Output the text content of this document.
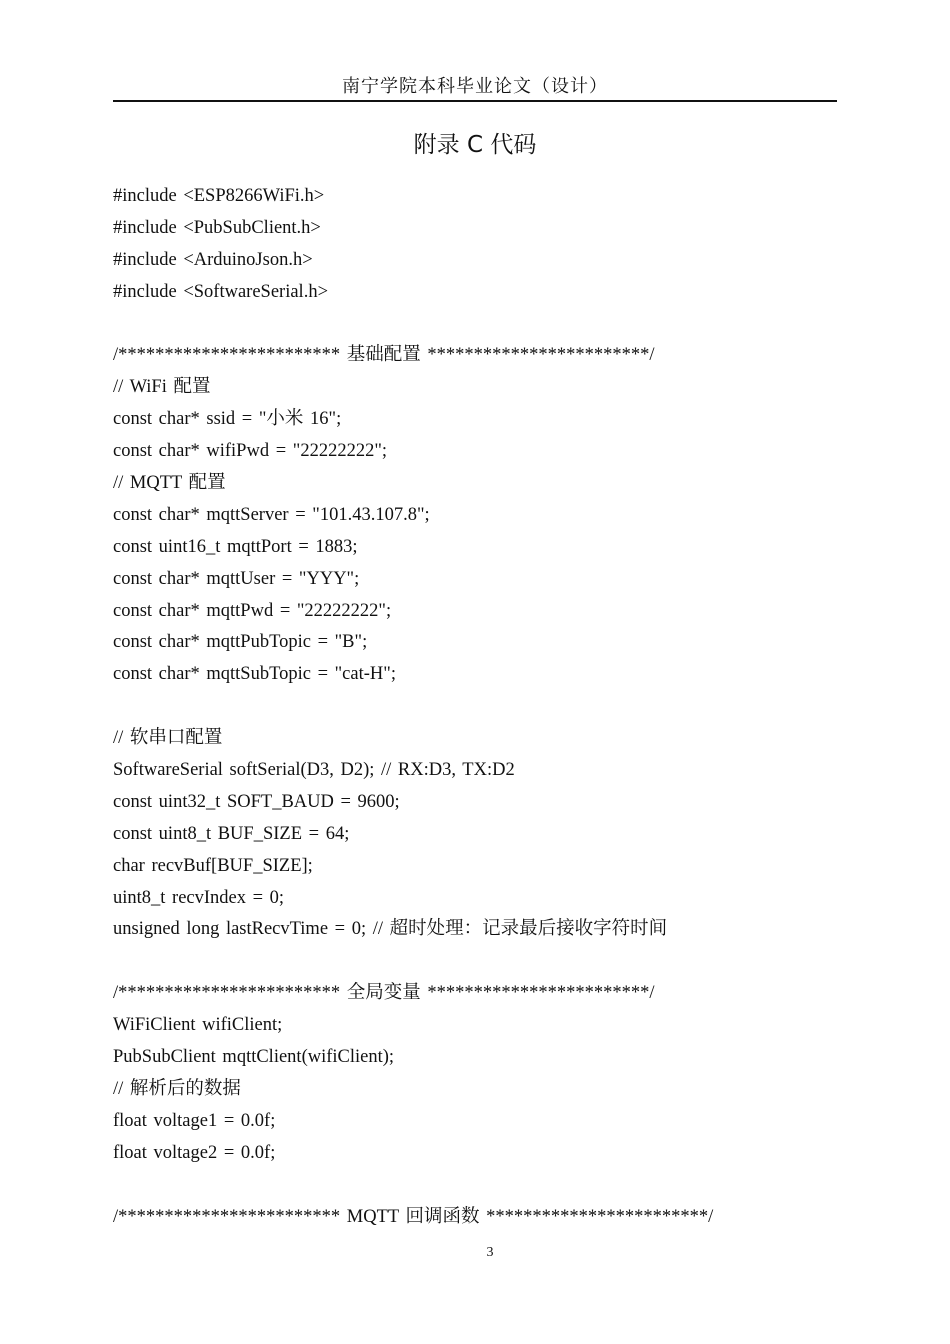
南宁学院本科毕业论文（设计）
附录 C 代码
#include <ESP8266WiFi.h>
#include <PubSubClient.h>
#include <ArduinoJson.h>
#include <SoftwareSerial.h>
/************************ 基础配置 ************************/
// WiFi 配置
const char* ssid = "小米 16";
const char* wifiPwd = "22222222";
// MQTT 配置
const char* mqttServer = "101.43.107.8";
const uint16_t mqttPort = 1883;
const char* mqttUser = "YYY";
const char* mqttPwd = "22222222";
const char* mqttPubTopic = "B";
const char* mqttSubTopic = "cat-H";
// 软串口配置
SoftwareSerial softSerial(D3, D2); // RX:D3, TX:D2
const uint32_t SOFT_BAUD = 9600;
const uint8_t BUF_SIZE = 64;
char recvBuf[BUF_SIZE];
uint8_t recvIndex = 0;
unsigned long lastRecvTime = 0; // 超时处理：记录最后接收字符时间
/************************ 全局变量 ************************/
WiFiClient wifiClient;
PubSubClient mqttClient(wifiClient);
// 解析后的数据
float voltage1 = 0.0f;
float voltage2 = 0.0f;
/************************ MQTT 回调函数 ************************/
3
